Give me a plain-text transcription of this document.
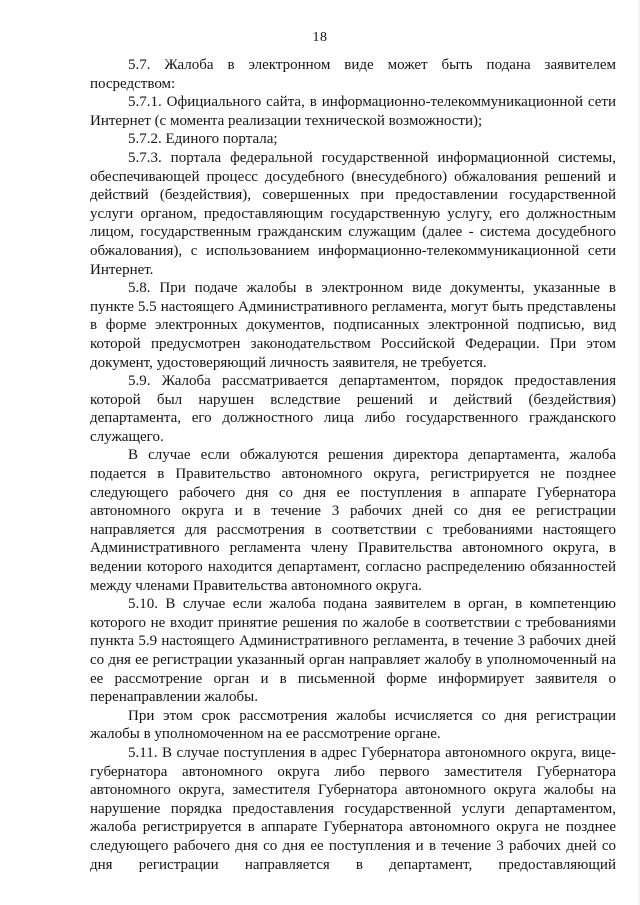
18

5.7. Жалоба в электронном виде может быть подана заявителем посредством:

5.7.1. Официального сайта, в информационно-телекоммуникационной сети Интернет (с момента реализации технической возможности);

5.7.2. Единого портала;

5.7.3. портала федеральной государственной информационной системы, обеспечивающей процесс досудебного (внесудебного) обжалования решений и действий (бездействия), совершенных при предоставлении государственной услуги органом, предоставляющим государственную услугу, его должностным лицом, государственным гражданским служащим (далее - система досудебного обжалования), с использованием информационно-телекоммуникационной сети Интернет.

5.8. При подаче жалобы в электронном виде документы, указанные в пункте 5.5 настоящего Административного регламента, могут быть представлены в форме электронных документов, подписанных электронной подписью, вид которой предусмотрен законодательством Российской Федерации. При этом документ, удостоверяющий личность заявителя, не требуется.

5.9. Жалоба рассматривается департаментом, порядок предоставления которой был нарушен вследствие решений и действий (бездействия) департамента, его должностного лица либо государственного гражданского служащего.

В случае если обжалуются решения директора департамента, жалоба подается в Правительство автономного округа, регистрируется не позднее следующего рабочего дня со дня ее поступления в аппарате Губернатора автономного округа и в течение 3 рабочих дней со дня ее регистрации направляется для рассмотрения в соответствии с требованиями настоящего Административного регламента члену Правительства автономного округа, в ведении которого находится департамент, согласно распределению обязанностей между членами Правительства автономного округа.

5.10. В случае если жалоба подана заявителем в орган, в компетенцию которого не входит принятие решения по жалобе в соответствии с требованиями пункта 5.9 настоящего Административного регламента, в течение 3 рабочих дней со дня ее регистрации указанный орган направляет жалобу в уполномоченный на ее рассмотрение орган и в письменной форме информирует заявителя о перенаправлении жалобы.

При этом срок рассмотрения жалобы исчисляется со дня регистрации жалобы в уполномоченном на ее рассмотрение органе.

5.11. В случае поступления в адрес Губернатора автономного округа, вице-губернатора автономного округа либо первого заместителя Губернатора автономного округа, заместителя Губернатора автономного округа жалобы на нарушение порядка предоставления государственной услуги департаментом, жалоба регистрируется в аппарате Губернатора автономного округа не позднее следующего рабочего дня со дня ее поступления и в течение 3 рабочих дней со дня регистрации направляется в департамент, предоставляющий
